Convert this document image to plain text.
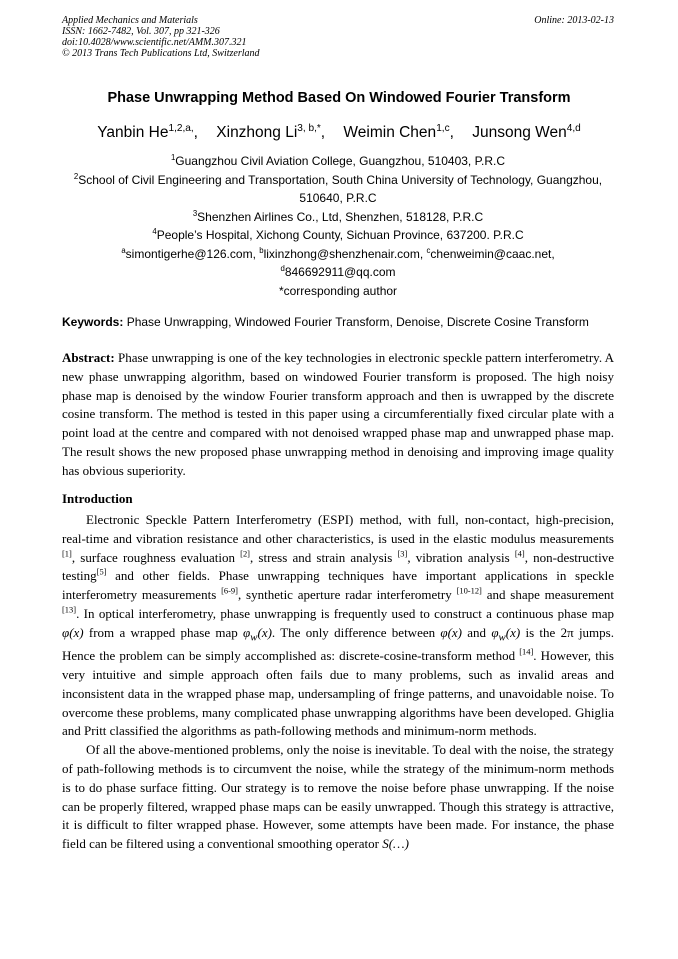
Applied Mechanics and Materials
ISSN: 1662-7482, Vol. 307, pp 321-326
doi:10.4028/www.scientific.net/AMM.307.321
© 2013 Trans Tech Publications Ltd, Switzerland
Online: 2013-02-13
Phase Unwrapping Method Based On Windowed Fourier Transform
Yanbin $He^{1,2,a,}$, Xinzhong $Li^{3, b,*}$, Weimin Chen$^{1,c}$, Junsong Wen$^{4,d}$
$^1$Guangzhou Civil Aviation College, Guangzhou, 510403, P.R.C
$^2$School of Civil Engineering and Transportation, South China University of Technology, Guangzhou, 510640, P.R.C
$^3$Shenzhen Airlines Co., Ltd, Shenzhen, 518128, P.R.C
$^4$People’s Hospital, Xichong County, Sichuan Province, 637200. P.R.C
$^a$simontigerhe@126.com, $^b$lixinzhong@shenzhenair.com, $^c$chenweimin@caac.net,
$^d$846692911@qq.com
*corresponding author
Keywords: Phase Unwrapping, Windowed Fourier Transform, Denoise, Discrete Cosine Transform
Abstract: Phase unwrapping is one of the key technologies in electronic speckle pattern interferometry. A new phase unwrapping algorithm, based on windowed Fourier transform is proposed. The high noisy phase map is denoised by the window Fourier transform approach and then is uwrapped by the discrete cosine transform. The method is tested in this paper using a circumferentially fixed circular plate with a point load at the centre and compared with not denoised wrapped phase map and unwrapped phase map. The result shows the new proposed phase unwrapping method in denoising and improving image quality has obvious superiority.
Introduction
Electronic Speckle Pattern Interferometry (ESPI) method, with full, non-contact, high-precision, real-time and vibration resistance and other characteristics, is used in the elastic modulus measurements [1], surface roughness evaluation [2], stress and strain analysis [3], vibration analysis [4], non-destructive testing[5] and other fields. Phase unwrapping techniques have important applications in speckle interferometry measurements [6-9], synthetic aperture radar interferometry [10-12] and shape measurement [13]. In optical interferometry, phase unwrapping is frequently used to construct a continuous phase map φ(x) from a wrapped phase map $\varphi_w(x)$. The only difference between φ(x) and $\varphi_w(x)$ is the 2π jumps. Hence the problem can be simply accomplished as: discrete-cosine-transform method [14]. However, this very intuitive and simple approach often fails due to many problems, such as invalid areas and inconsistent data in the wrapped phase map, undersampling of fringe patterns, and unavoidable noise. To overcome these problems, many complicated phase unwrapping algorithms have been developed. Ghiglia and Pritt classified the algorithms as path-following methods and minimum-norm methods.
Of all the above-mentioned problems, only the noise is inevitable. To deal with the noise, the strategy of path-following methods is to circumvent the noise, while the strategy of the minimum-norm methods is to do phase surface fitting. Our strategy is to remove the noise before phase unwrapping. If the noise can be properly filtered, wrapped phase maps can be easily unwrapped. Though this strategy is attractive, it is difficult to filter wrapped phase. However, some attempts have been made. For instance, the phase field can be filtered using a conventional smoothing operator S(…)
